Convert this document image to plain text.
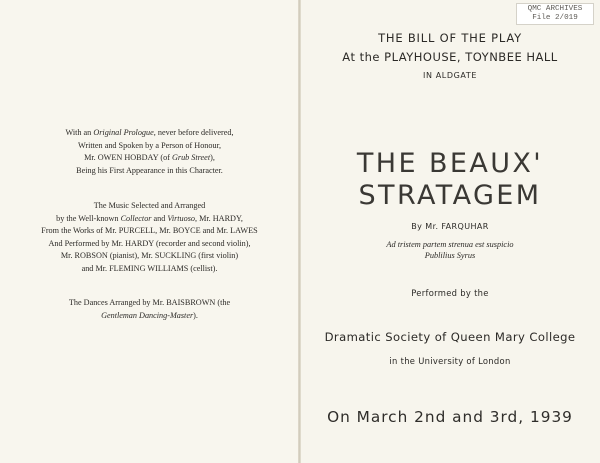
With an Original Prologue, never before delivered,
Written and Spoken by a Person of Honour,
Mr. OWEN HOBDAY (of Grub Street),
Being his First Appearance in this Character.
The Music Selected and Arranged
by the Well-known Collector and Virtuoso, Mr. HARDY,
From the Works of Mr. PURCELL, Mr. BOYCE and Mr. LAWES
And Performed by Mr. HARDY (recorder and second violin),
Mr. ROBSON (pianist), Mr. SUCKLING (first violin)
and Mr. FLEMING WILLIAMS (cellist).
The Dances Arranged by Mr. BAISBROWN (the
Gentleman Dancing-Master).
QMC ARCHIVES
File 2/019
THE BILL OF THE PLAY
At the PLAYHOUSE, TOYNBEE HALL
IN ALDGATE
THE BEAUX'
STRATAGEM
By Mr. FARQUHAR
Ad tristem partem strenua est suspicio
Publilius Syrus
Performed by the
Dramatic Society of Queen Mary College
in the University of London
On March 2nd and 3rd, 1939
